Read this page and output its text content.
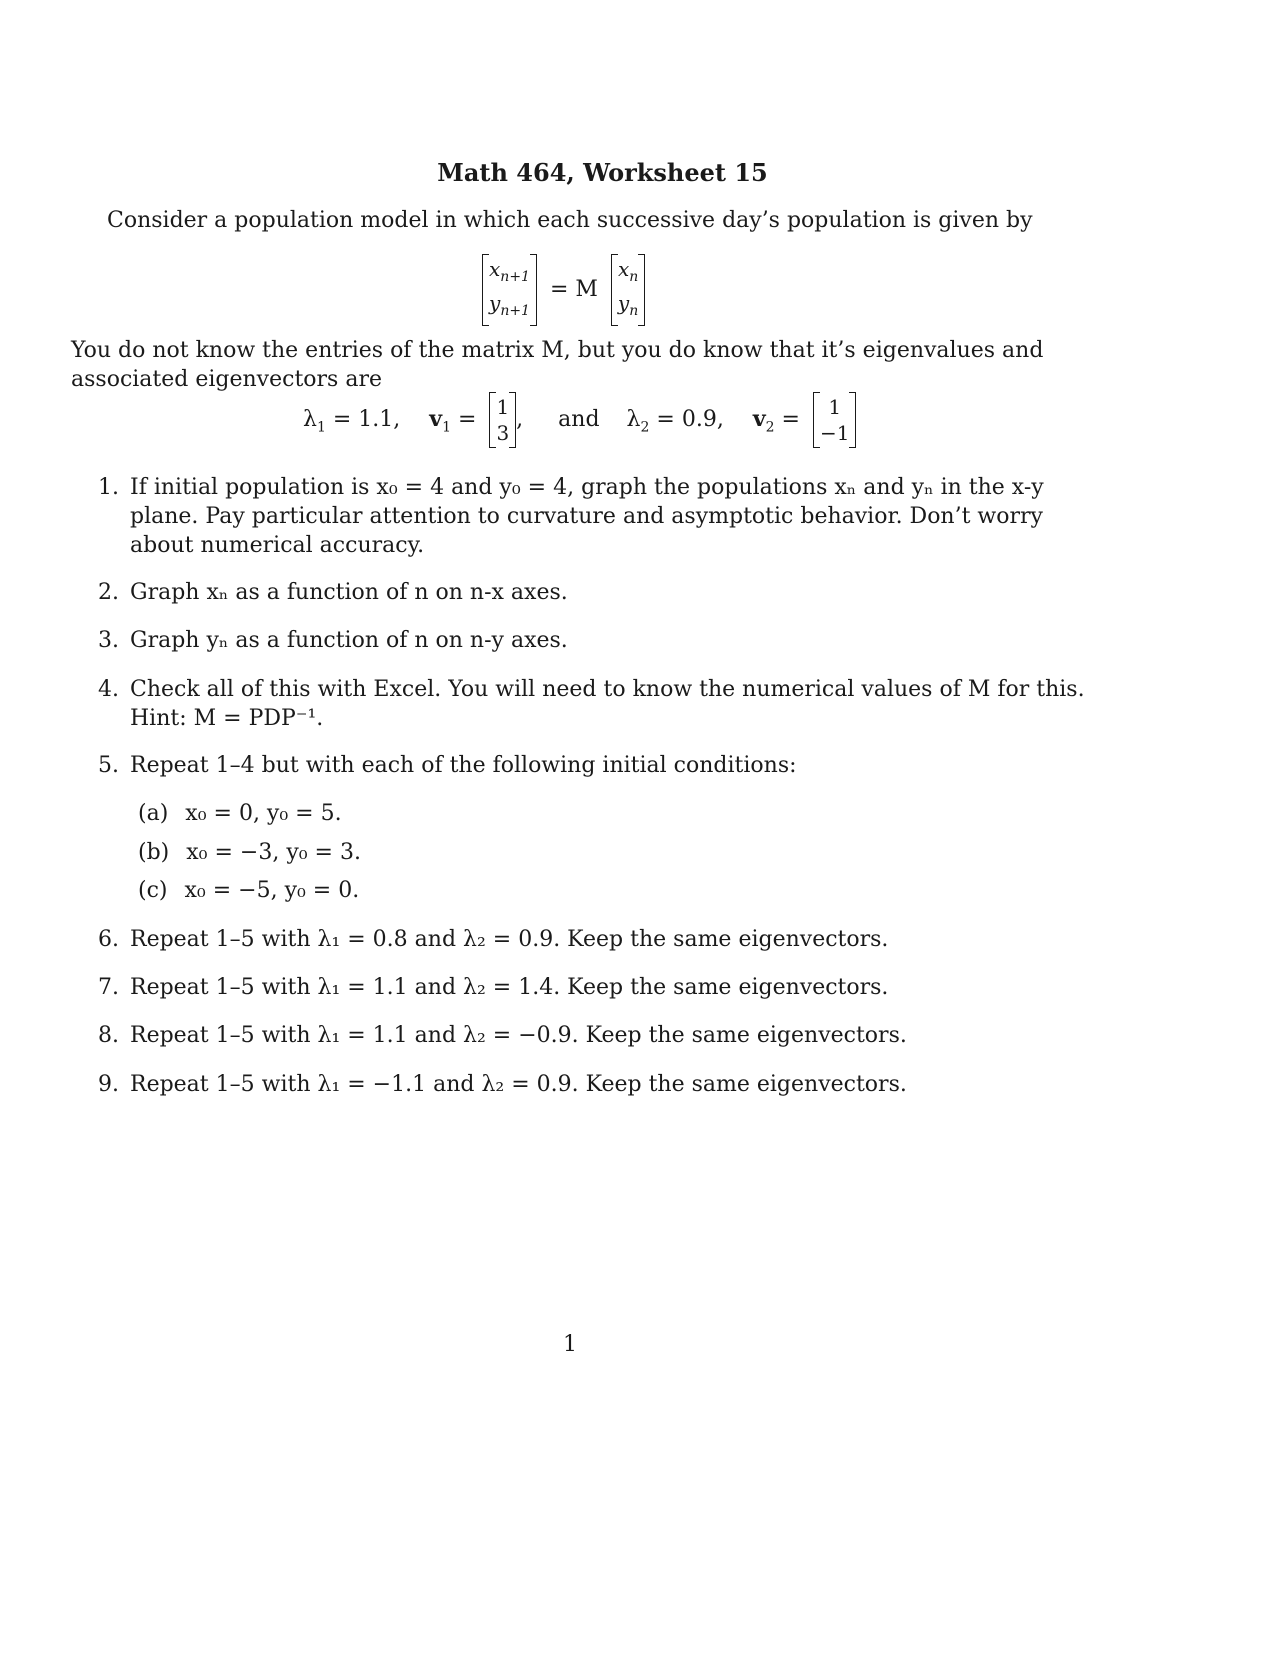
Math 464, Worksheet 15
Consider a population model in which each successive day’s population is given by
$x_{n+1}$
$y_{n+1}$
= M
$x_n$
$y_n$
You do not know the entries of the matrix M, but you do know that it’s eigenvalues and associated eigenvectors are
$\lambda_1 = 1.1$, $v_1 = 1$
3
, and $\lambda_2 = 0.9$, $v_2 = 1$
−1
1. If initial population is x₀ = 4 and y₀ = 4, graph the populations xₙ and yₙ in the x-y plane. Pay particular attention to curvature and asymptotic behavior. Don’t worry about numerical accuracy.
2. Graph xₙ as a function of n on n-x axes.
3. Graph yₙ as a function of n on n-y axes.
4. Check all of this with Excel. You will need to know the numerical values of M for this. Hint: M = PDP⁻¹.
5. Repeat 1–4 but with each of the following initial conditions:
(a) x₀ = 0, y₀ = 5.
(b) x₀ = −3, y₀ = 3.
(c) x₀ = −5, y₀ = 0.
6. Repeat 1–5 with λ₁ = 0.8 and λ₂ = 0.9. Keep the same eigenvectors.
7. Repeat 1–5 with λ₁ = 1.1 and λ₂ = 1.4. Keep the same eigenvectors.
8. Repeat 1–5 with λ₁ = 1.1 and λ₂ = −0.9. Keep the same eigenvectors.
9. Repeat 1–5 with λ₁ = −1.1 and λ₂ = 0.9. Keep the same eigenvectors.
1
